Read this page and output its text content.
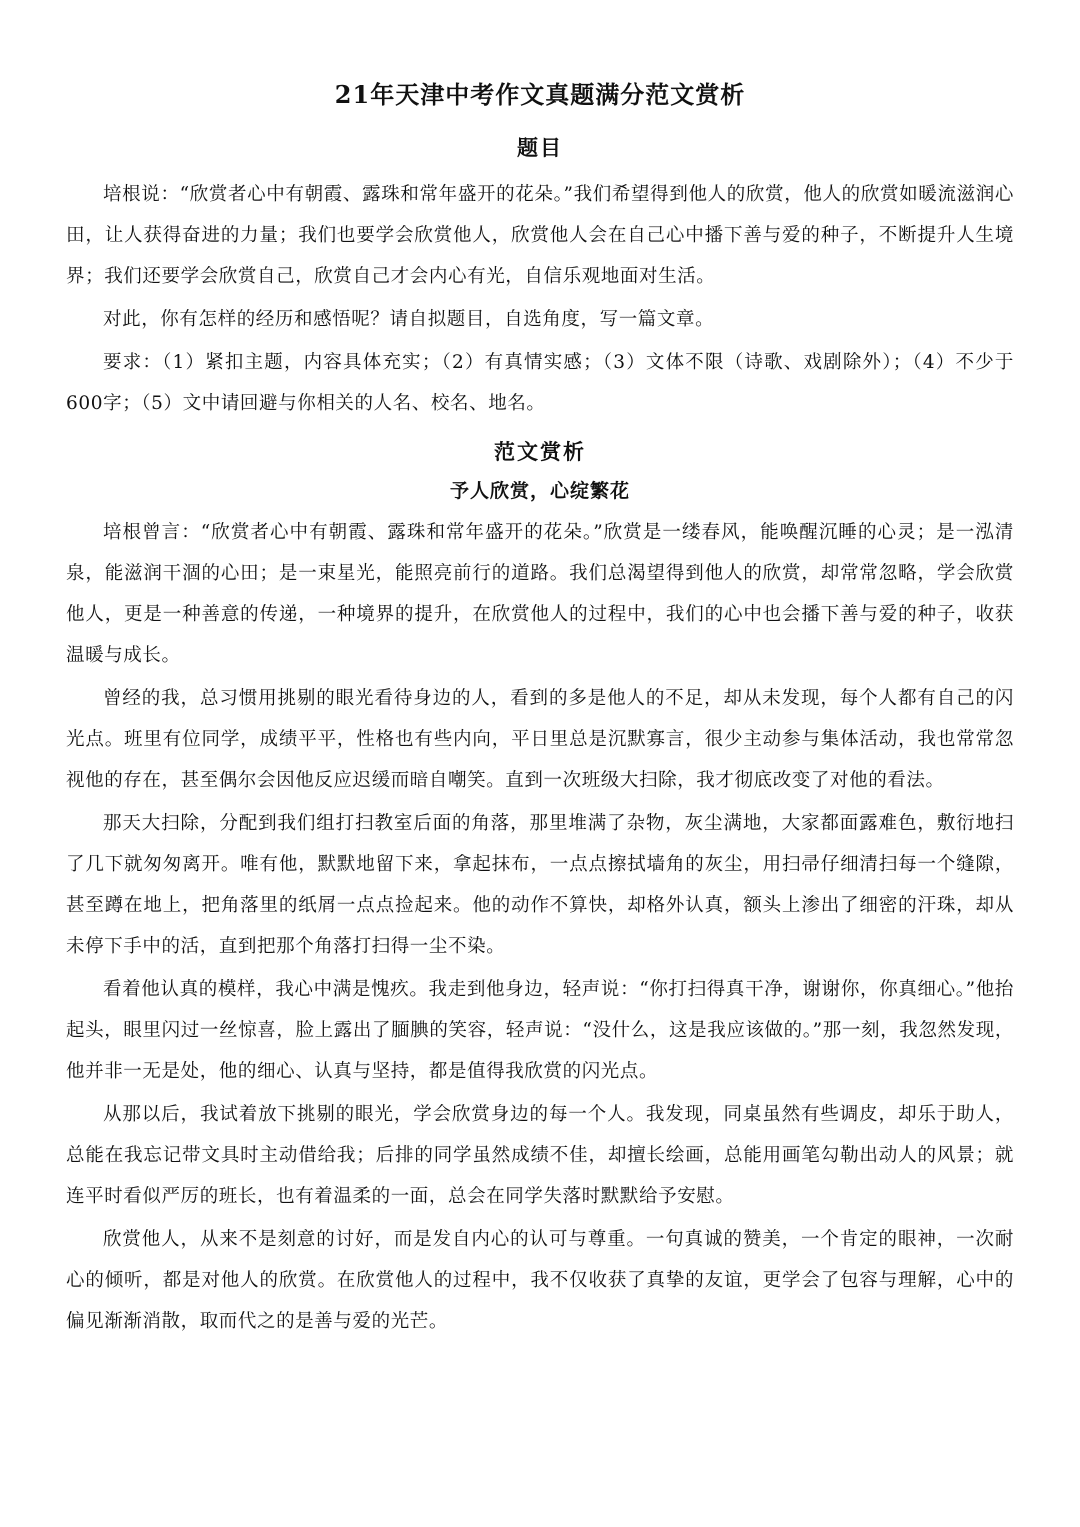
21年天津中考作文真题满分范文赏析
题目

培根说：“欣赏者心中有朝霞、露珠和常年盛开的花朵。”我们希望得到他人的欣赏，他人的欣赏如暖流滋润心田，让人获得奋进的力量；我们也要学会欣赏他人，欣赏他人会在自己心中播下善与爱的种子，不断提升人生境界；我们还要学会欣赏自己，欣赏自己才会内心有光，自信乐观地面对生活。

对此，你有怎样的经历和感悟呢？请自拟题目，自选角度，写一篇文章。

要求：（1）紧扣主题，内容具体充实；（2）有真情实感；（3）文体不限（诗歌、戏剧除外）；（4）不少于600字；（5）文中请回避与你相关的人名、校名、地名。

范文赏析
予人欣赏，心绽繁花

培根曾言：“欣赏者心中有朝霞、露珠和常年盛开的花朵。”欣赏是一缕春风，能唤醒沉睡的心灵；是一泓清泉，能滋润干涸的心田；是一束星光，能照亮前行的道路。我们总渴望得到他人的欣赏，却常常忽略，学会欣赏他人，更是一种善意的传递，一种境界的提升，在欣赏他人的过程中，我们的心中也会播下善与爱的种子，收获温暖与成长。

曾经的我，总习惯用挑剔的眼光看待身边的人，看到的多是他人的不足，却从未发现，每个人都有自己的闪光点。班里有位同学，成绩平平，性格也有些内向，平日里总是沉默寡言，很少主动参与集体活动，我也常常忽视他的存在，甚至偶尔会因他反应迟缓而暗自嘲笑。直到一次班级大扫除，我才彻底改变了对他的看法。

那天大扫除，分配到我们组打扫教室后面的角落，那里堆满了杂物，灰尘满地，大家都面露难色，敷衍地扫了几下就匆匆离开。唯有他，默默地留下来，拿起抹布，一点点擦拭墙角的灰尘，用扫帚仔细清扫每一个缝隙，甚至蹲在地上，把角落里的纸屑一点点捡起来。他的动作不算快，却格外认真，额头上渗出了细密的汗珠，却从未停下手中的活，直到把那个角落打扫得一尘不染。

看着他认真的模样，我心中满是愧疚。我走到他身边，轻声说：“你打扫得真干净，谢谢你，你真细心。”他抬起头，眼里闪过一丝惊喜，脸上露出了腼腆的笑容，轻声说：“没什么，这是我应该做的。”那一刻，我忽然发现，他并非一无是处，他的细心、认真与坚持，都是值得我欣赏的闪光点。

从那以后，我试着放下挑剔的眼光，学会欣赏身边的每一个人。我发现，同桌虽然有些调皮，却乐于助人，总能在我忘记带文具时主动借给我；后排的同学虽然成绩不佳，却擅长绘画，总能用画笔勾勒出动人的风景；就连平时看似严厉的班长，也有着温柔的一面，总会在同学失落时默默给予安慰。

欣赏他人，从来不是刻意的讨好，而是发自内心的认可与尊重。一句真诚的赞美，一个肯定的眼神，一次耐心的倾听，都是对他人的欣赏。在欣赏他人的过程中，我不仅收获了真挚的友谊，更学会了包容与理解，心中的偏见渐渐消散，取而代之的是善与爱的光芒。
